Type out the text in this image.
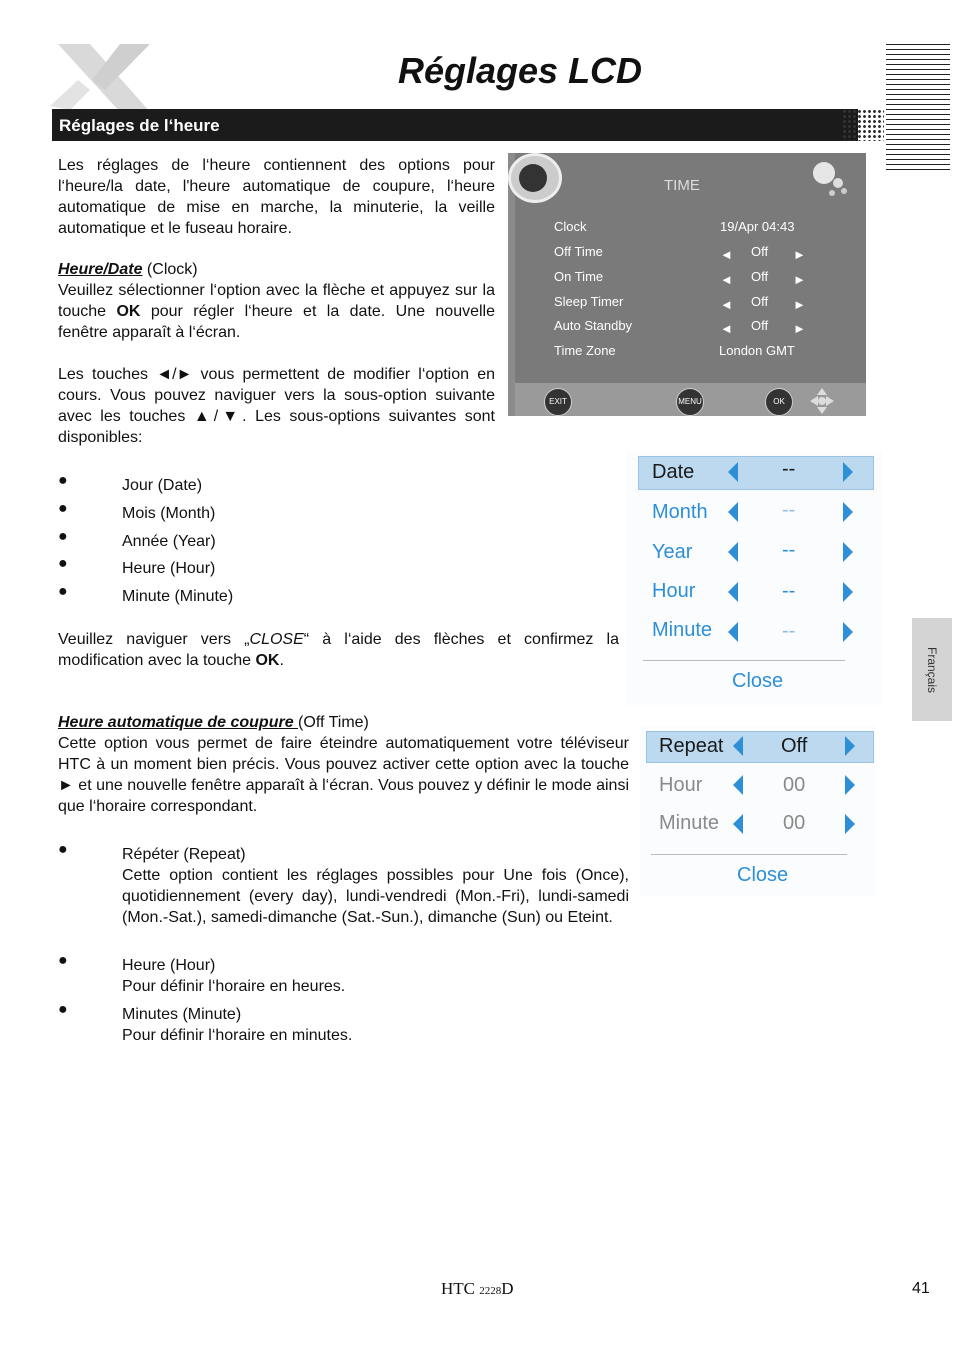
Réglages LCD
Réglages de l‘heure
Les réglages de l‘heure contiennent des options pour l‘heure/la date, l'heure automatique de coupure, l‘heure automatique de mise en marche, la minuterie, la veille automatique et le fuseau horaire.
Heure/Date (Clock)
Veuillez sélectionner l‘option avec la flèche et appuyez sur la touche OK pour régler l‘heure et la date. Une nouvelle fenêtre apparaît à l‘écran.
Les touches ◄/► vous permettent de modifier l‘option en cours. Vous pouvez naviguer vers la sous-option suivante avec les touches ▲/▼. Les sous-options suivantes sont disponibles:
●	Jour (Date)
●	Mois (Month)
●	Année (Year)
●	Heure (Hour)
●	Minute (Minute)
Veuillez naviguer vers „CLOSE“ à l‘aide des flèches et confirmez la modification avec la touche OK.
Heure automatique de coupure (Off Time)
Cette option vous permet de faire éteindre automatiquement votre téléviseur HTC à un moment bien précis. Vous pouvez activer cette option avec la touche ► et une nouvelle fenêtre apparaît à l‘écran. Vous pouvez y définir le mode ainsi que l‘horaire correspondant.
●	Répéter (Repeat)
Cette option contient les réglages possibles pour Une fois (Once), quotidiennement (every day), lundi-vendredi (Mon.-Fri), lundi-samedi (Mon.-Sat.), samedi-dimanche (Sat.-Sun.), dimanche (Sun) ou Eteint.
●	Heure (Hour)
Pour définir l‘horaire en heures.
●	Minutes (Minute)
Pour définir l‘horaire en minutes.
TIME
Clock	19/Apr 04:43
Off Time	◄ Off ►
On Time	◄ Off ►
Sleep Timer	◄ Off ►
Auto Standby	◄ Off ►
Time Zone	London GMT
EXIT	MENU	OK
Date	--
Month	--
Year	--
Hour	--
Minute	--
Close
Repeat	Off
Hour	00
Minute	00
Close
Français
HTC 2228D	41
